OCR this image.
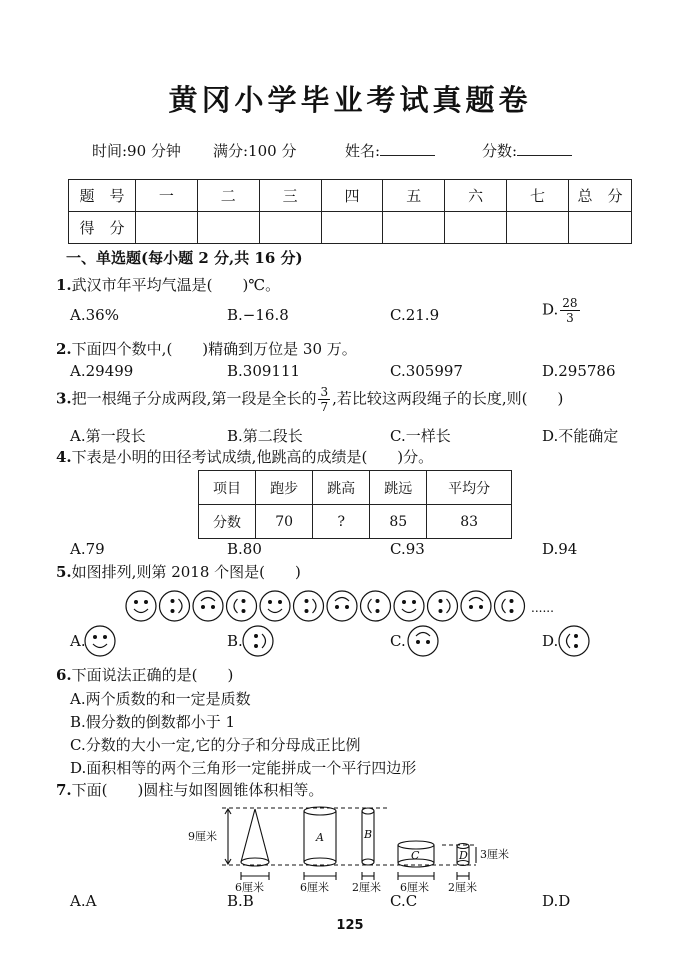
黄冈小学毕业考试真题卷
时间:90 分钟 满分:100 分	姓名:	分数:
题　号	一	二	三	四	五	六	七	总　分
得　分								
一、单选题(每小题 2 分,共 16 分)
1.武汉市年平均气温是(　　)℃。
A.36%	B.−16.8	C.21.9	D. $\frac{28}{3}$
2.下面四个数中,(　　)精确到万位是 30 万。
A.29499	B.309111	C.305997	D.295786
3.把一根绳子分成两段,第一段是全长的 $\frac{3}{7}$ ,若比较这两段绳子的长度,则(　　)
A.第一段长	B.第二段长	C.一样长	D.不能确定
4.下表是小明的田径考试成绩,他跳高的成绩是(　　)分。
项目	跑步	跳高	跳远	平均分
分数	70	?	85	83
A.79	B.80	C.93	D.94
5.如图排列,则第 2018 个图是(　　)
......
A.	B.	C.	D.
6.下面说法正确的是(　　)
A.两个质数的和一定是质数
B.假分数的倒数都小于 1
C.分数的大小一定,它的分子和分母成正比例
D.面积相等的两个三角形一定能拼成一个平行四边形
7.下面(　　)圆柱与如图圆锥体积相等。
9厘米
3厘米
A	B
C	D
6厘米	6厘米 2厘米 6厘米 2厘米
A.A	B.B	C.C	D.D
125
